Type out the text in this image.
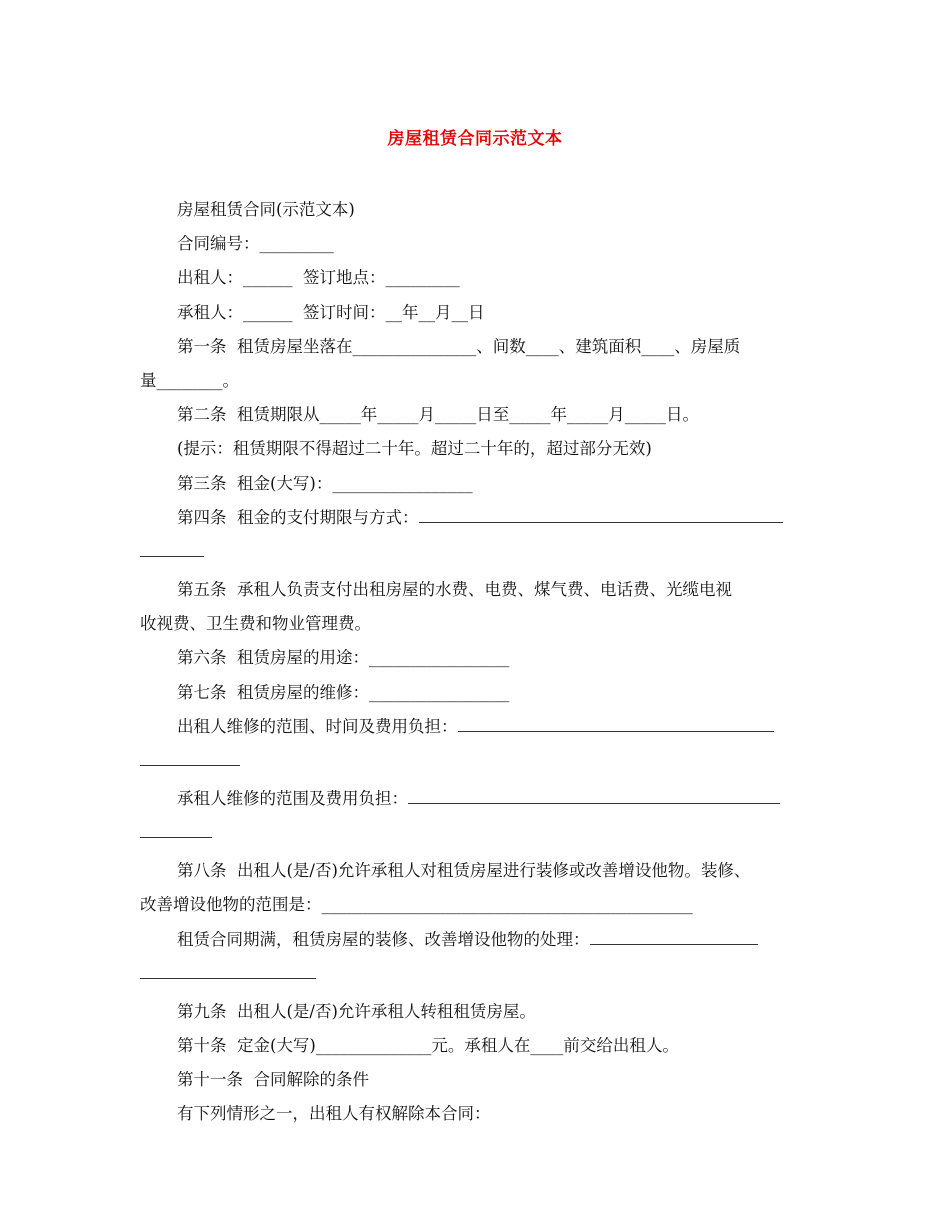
房屋租赁合同示范文本

房屋租赁合同(示范文本)

合同编号：_________

出租人：______  签订地点：_________

承租人：______  签订时间：__年__月__日

第一条  租赁房屋坐落在_______________、间数____、建筑面积____、房屋质

量________。

第二条  租赁期限从_____年_____月_____日至_____年_____月_____日。

(提示：租赁期限不得超过二十年。超过二十年的，超过部分无效)

第三条  租金(大写)：_________________

第四条  租金的支付期限与方式：

第五条  承租人负责支付出租房屋的水费、电费、煤气费、电话费、光缆电视

收视费、卫生费和物业管理费。

第六条  租赁房屋的用途：_________________

第七条  租赁房屋的维修：_________________

出租人维修的范围、时间及费用负担：

承租人维修的范围及费用负担：

第八条  出租人(是/否)允许承租人对租赁房屋进行装修或改善增设他物。装修、

改善增设他物的范围是：_____________________________________________

租赁合同期满，租赁房屋的装修、改善增设他物的处理：

第九条  出租人(是/否)允许承租人转租租赁房屋。

第十条  定金(大写)______________元。承租人在____前交给出租人。

第十一条  合同解除的条件

有下列情形之一，出租人有权解除本合同：
